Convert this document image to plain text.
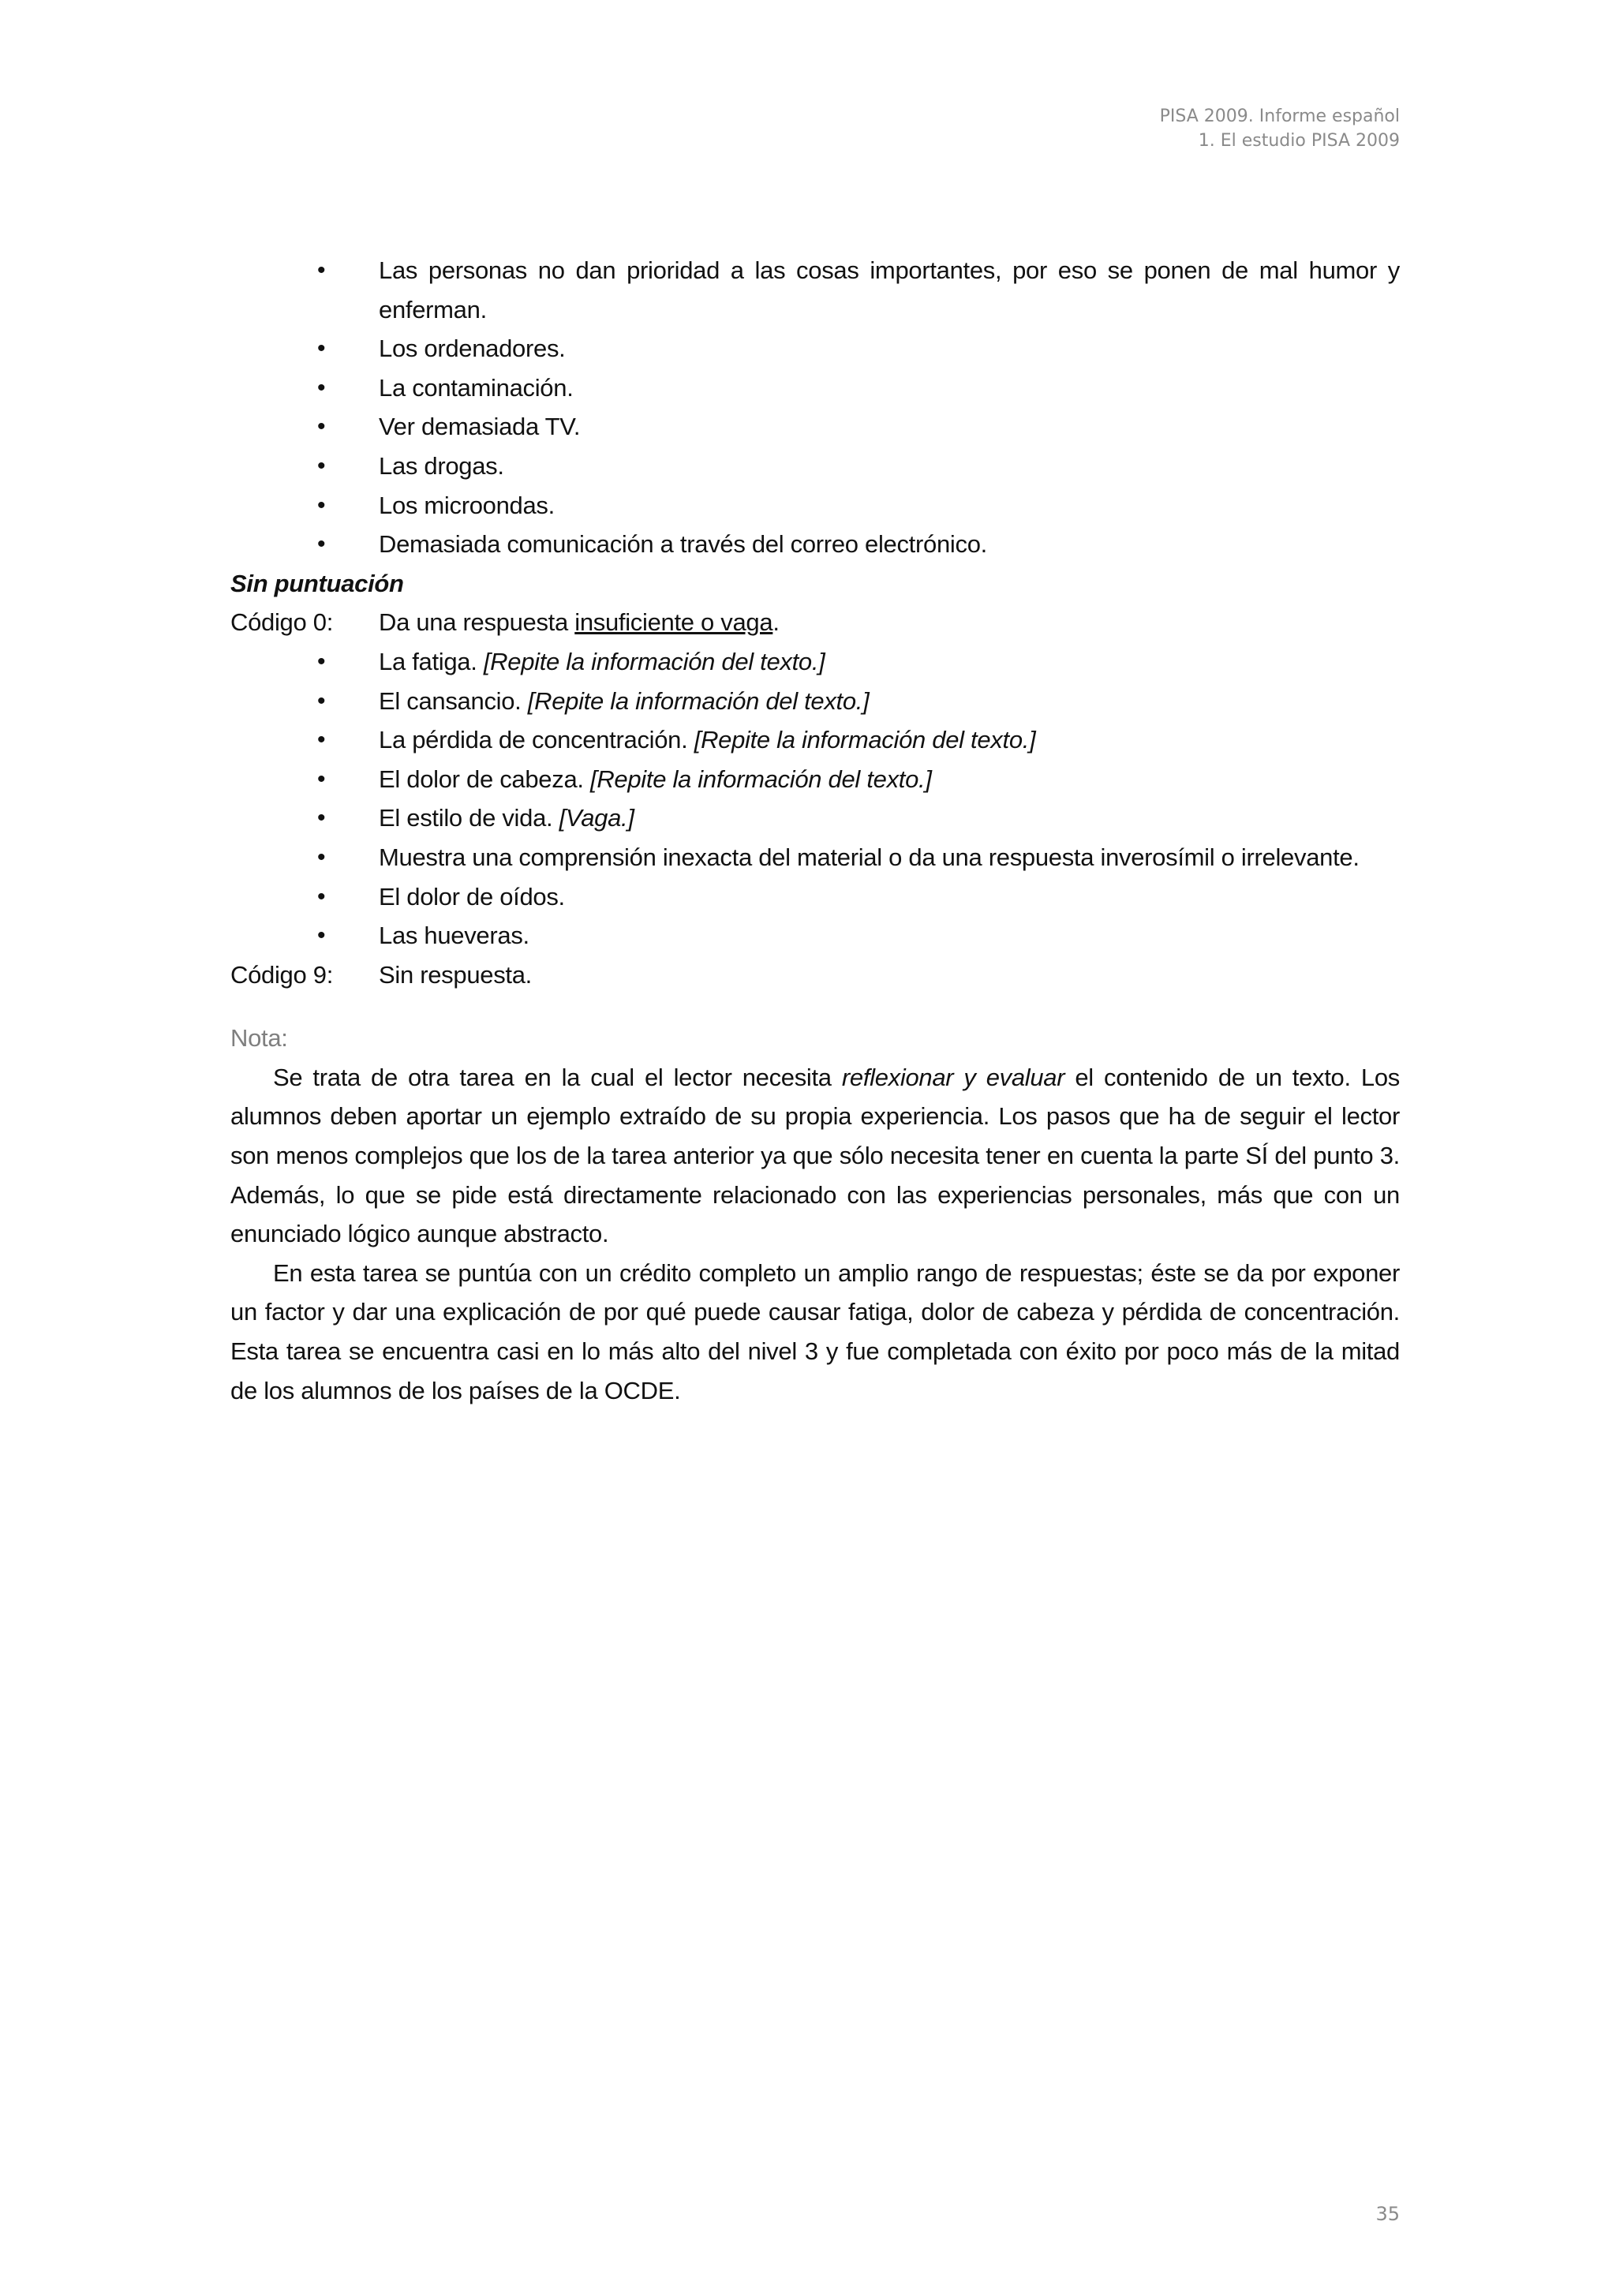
PISA 2009. Informe español
1. El estudio PISA 2009
• Las personas no dan prioridad a las cosas importantes, por eso se ponen de mal humor y enferman.
• Los ordenadores.
• La contaminación.
• Ver demasiada TV.
• Las drogas.
• Los microondas.
• Demasiada comunicación a través del correo electrónico.
Sin puntuación
Código 0: Da una respuesta insuficiente o vaga.
• La fatiga. [Repite la información del texto.]
• El cansancio. [Repite la información del texto.]
• La pérdida de concentración. [Repite la información del texto.]
• El dolor de cabeza. [Repite la información del texto.]
• El estilo de vida. [Vaga.]
• Muestra una comprensión inexacta del material o da una respuesta inverosímil o irrelevante.
• El dolor de oídos.
• Las hueveras.
Código 9: Sin respuesta.
Nota:
Se trata de otra tarea en la cual el lector necesita reflexionar y evaluar el contenido de un texto. Los alumnos deben aportar un ejemplo extraído de su propia experiencia. Los pasos que ha de seguir el lector son menos complejos que los de la tarea anterior ya que sólo necesita tener en cuenta la parte SÍ del punto 3. Además, lo que se pide está directamente relacionado con las experiencias personales, más que con un enunciado lógico aunque abstracto.
En esta tarea se puntúa con un crédito completo un amplio rango de respuestas; éste se da por exponer un factor y dar una explicación de por qué puede causar fatiga, dolor de cabeza y pérdida de concentración. Esta tarea se encuentra casi en lo más alto del nivel 3 y fue completada con éxito por poco más de la mitad de los alumnos de los países de la OCDE.
35
